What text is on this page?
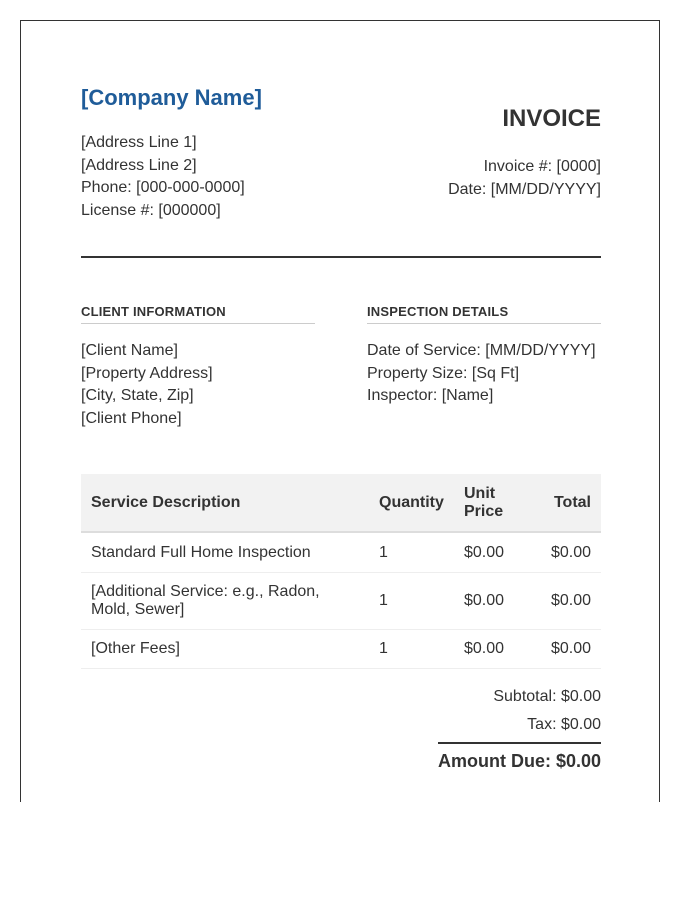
[Company Name]
[Address Line 1]
[Address Line 2]
Phone: [000-000-0000]
License #: [000000]
INVOICE
Invoice #: [0000]
Date: [MM/DD/YYYY]
CLIENT INFORMATION	INSPECTION DETAILS
[Client Name]
[Property Address]
[City, State, Zip]
[Client Phone]
Date of Service: [MM/DD/YYYY]
Property Size: [Sq Ft]
Inspector: [Name]
Service Description	Quantity	Unit Price	Total
Standard Full Home Inspection	1	$0.00	$0.00
[Additional Service: e.g., Radon, Mold, Sewer]	1	$0.00	$0.00
[Other Fees]	1	$0.00	$0.00
Subtotal: $0.00
Tax: $0.00
Amount Due: $0.00
